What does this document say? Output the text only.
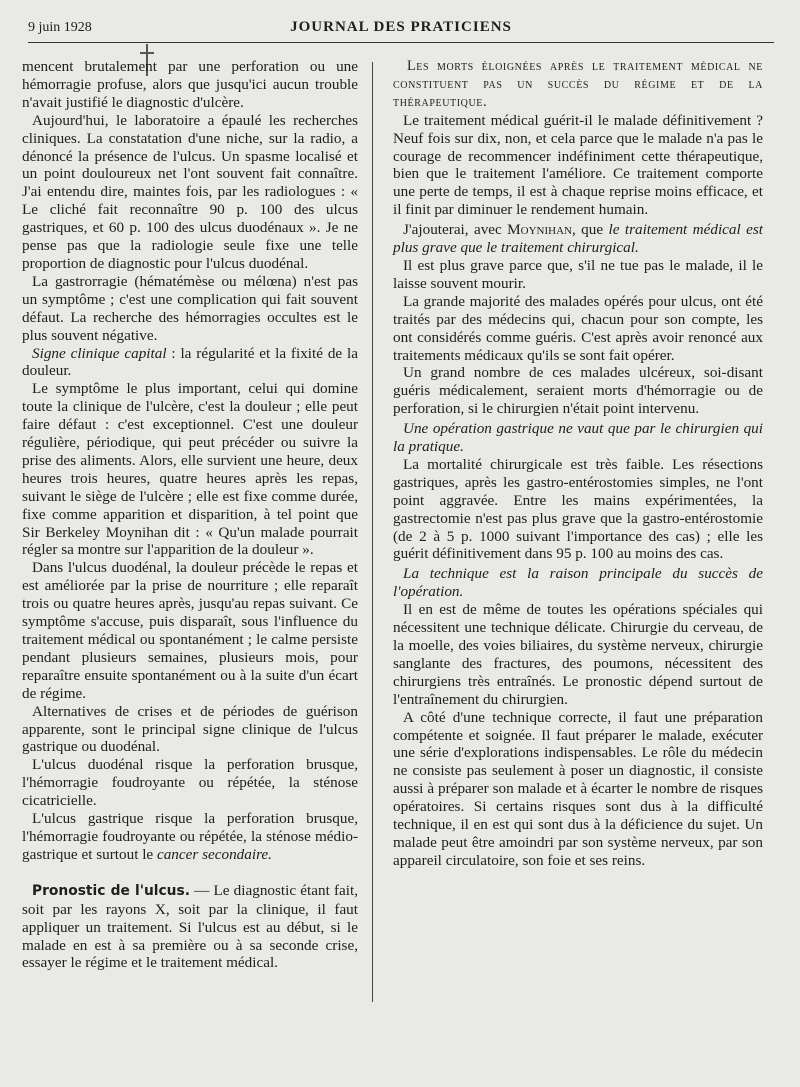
9 juin 1928	JOURNAL DES PRATICIENS

mencent brutalement par une perforation ou une hémorragie profuse, alors que jusqu'ici aucun trouble n'avait justifié le diagnostic d'ulcère.

Aujourd'hui, le laboratoire a épaulé les recherches cliniques. La constatation d'une niche, sur la radio, a dénoncé la présence de l'ulcus. Un spasme localisé et un point douloureux net l'ont souvent fait connaître. J'ai entendu dire, maintes fois, par les radiologues : « Le cliché fait reconnaître 90 p. 100 des ulcus gastriques, et 60 p. 100 des ulcus duodénaux ». Je ne pense pas que la radiologie seule fixe une telle proportion de diagnostic pour l'ulcus duodénal.

La gastrorragie (hématémèse ou mélœna) n'est pas un symptôme ; c'est une complication qui fait souvent défaut. La recherche des hémorragies occultes est le plus souvent négative.

Signe clinique capital : la régularité et la fixité de la douleur.

Le symptôme le plus important, celui qui domine toute la clinique de l'ulcère, c'est la douleur ; elle peut faire défaut : c'est exceptionnel. C'est une douleur régulière, périodique, qui peut précéder ou suivre la prise des aliments. Alors, elle survient une heure, deux heures trois heures, quatre heures après les repas, suivant le siège de l'ulcère ; elle est fixe comme durée, fixe comme apparition et disparition, à tel point que Sir Berkeley Moynihan dit : « Qu'un malade pourrait régler sa montre sur l'apparition de la douleur ».

Dans l'ulcus duodénal, la douleur précède le repas et est améliorée par la prise de nourriture ; elle reparaît trois ou quatre heures après, jusqu'au repas suivant. Ce symptôme s'accuse, puis disparaît, sous l'influence du traitement médical ou spontanément ; le calme persiste pendant plusieurs semaines, plusieurs mois, pour reparaître ensuite spontanément ou à la suite d'un écart de régime.

Alternatives de crises et de périodes de guérison apparente, sont le principal signe clinique de l'ulcus gastrique ou duodénal.

L'ulcus duodénal risque la perforation brusque, l'hémorragie foudroyante ou répétée, la sténose cicatricielle.

L'ulcus gastrique risque la perforation brusque, l'hémorragie foudroyante ou répétée, la sténose médio-gastrique et surtout le cancer secondaire.

Pronostic de l'ulcus. — Le diagnostic étant fait, soit par les rayons X, soit par la clinique, il faut appliquer un traitement. Si l'ulcus est au début, si le malade en est à sa première ou à sa seconde crise, essayer le régime et le traitement médical.

Les morts éloignées après le traitement médical ne constituent pas un succès du régime et de la thérapeutique.

Le traitement médical guérit-il le malade définitivement ? Neuf fois sur dix, non, et cela parce que le malade n'a pas le courage de recommencer indéfiniment cette thérapeutique, bien que le traitement l'améliore. Ce traitement comporte une perte de temps, il est à chaque reprise moins efficace, et il finit par diminuer le rendement humain.

J'ajouterai, avec Moynihan, que le traitement médical est plus grave que le traitement chirurgical.

Il est plus grave parce que, s'il ne tue pas le malade, il le laisse souvent mourir.

La grande majorité des malades opérés pour ulcus, ont été traités par des médecins qui, chacun pour son compte, les ont considérés comme guéris. C'est après avoir renoncé aux traitements médicaux qu'ils se sont fait opérer.

Un grand nombre de ces malades ulcéreux, soi-disant guéris médicalement, seraient morts d'hémorragie ou de perforation, si le chirurgien n'était point intervenu.

Une opération gastrique ne vaut que par le chirurgien qui la pratique.

La mortalité chirurgicale est très faible. Les résections gastriques, après les gastro-entérostomies simples, ne l'ont point aggravée. Entre les mains expérimentées, la gastrectomie n'est pas plus grave que la gastro-entérostomie (de 2 à 5 p. 1000 suivant l'importance des cas) ; elle les guérit définitivement dans 95 p. 100 au moins des cas.

La technique est la raison principale du succès de l'opération.

Il en est de même de toutes les opérations spéciales qui nécessitent une technique délicate. Chirurgie du cerveau, de la moelle, des voies biliaires, du système nerveux, chirurgie sanglante des fractures, des poumons, nécessitent des chirurgiens très entraînés. Le pronostic dépend surtout de l'entraînement du chirurgien.

A côté d'une technique correcte, il faut une préparation compétente et soignée. Il faut préparer le malade, exécuter une série d'explorations indispensables. Le rôle du médecin ne consiste pas seulement à poser un diagnostic, il consiste aussi à préparer son malade et à écarter le nombre de risques opératoires. Si certains risques sont dus à la difficulté technique, il en est qui sont dus à la déficience du sujet. Un malade peut être amoindri par son système nerveux, par son appareil circulatoire, son foie et ses reins.
